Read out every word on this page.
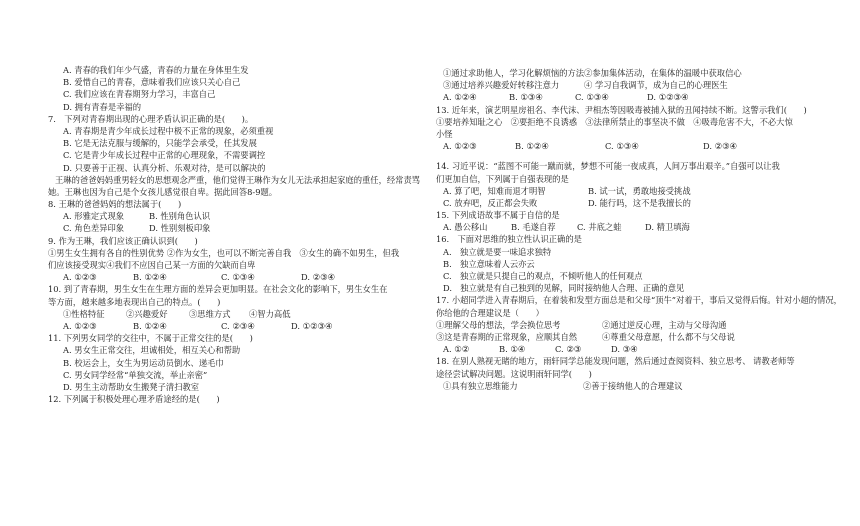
A. 青春的我们年少气盛，青春的力量在身体里生发

B. 爱惜自己的青春，意味着我们应该只关心自己

C. 我们应该在青春期努力学习，丰富自己

D. 拥有青春是幸福的

7.　下列对青春期出现的心理矛盾认识正确的是(　　)。

A. 青春期是青少年成长过程中极不正常的现象，必须重视

B. 它是无法克服与缓解的，只能学会承受，任其发展

C. 它是青少年成长过程中正常的心理现象，不需要调控

D. 只要善于正视、认真分析、乐观对待，是可以解决的

王琳的爸爸妈妈重男轻女的思想观念严重，他们觉得王琳作为女儿无法承担起家庭的重任，经常责骂

她。王琳也因为自己是个女孩儿感觉很自卑。据此回答8-9题。

8. 王琳的爸爸妈妈的想法属于(　　)

A. 形雅定式现象	B. 性别角色认识
C. 角色差异印象	D. 性别刻板印象

9. 作为王琳，我们应该正确认识到(　　)

①男生女生拥有各自的性别优势 ②作为女生，也可以不断完善自我　③女生的确不如男生，但我

们应该接受现实④我们不应因自己某一方面的欠缺而自卑

A. ①②③	B. ①②④	C. ①③④	D. ②③④

10. 到了青春期，男生女生在生理方面的差异会更加明显。在社会文化的影响下，男生女生在

等方面，越来越多地表现出自己的特点。(　　)

①性格特征	②兴趣爱好	③思维方式	④智力高低
A. ①②③	B. ①②④	C. ②③④	D. ①②③④

11. 下列男女同学的交往中，不属于正常交往的是(　　)

A. 男女生正常交往，坦诚相处，相互关心和帮助

B. 校运会上，女生为男运动员倒水、递毛巾

C. 男女同学经常“单独交流，举止亲密”

D. 男生主动帮助女生搬凳子清扫教室

12. 下列属于积极处理心理矛盾途经的是(　　)

①通过求助他人，学习化解烦恼的方法②参加集体活动，在集体的温暖中获取信心

③通过培养兴趣爱好转移注意力　　　④ 学习自我调节，成为自己的心理医生

A. ①②④	B. ①③④	C. ①③④	D. ①②③④

13. 近年来，演艺明星房祖名、李代沫、尹相杰等因吸毒被捕入狱的丑闻持续不断。这警示我们(　　)

①要培养知耻之心　②要拒绝不良诱惑　③法律所禁止的事坚决不做　④吸毒危害不大，不必大惊

小怪

A. ①②③	B. ①②④	C. ①③④	D. ②③④

14. 习近平说：“蓝图不可能一蹴而就，梦想不可能一夜成真，人间万事出艰辛。”自强可以让我

们更加自信，下列属于自强表现的是

A. 算了吧，知难而退才明智	B. 试一试，勇敢地接受挑战
C. 放弃吧，反正都会失败	D. 能行吗，这不是我擅长的

15. 下列成语故事不属于自信的是

A. 愚公移山	B. 毛遂自荐	C. 井底之蛙	D. 精卫填海

16.　下面对思维的独立性认识正确的是

A.　独立就是要一味追求独特

B.　独立意味着人云亦云

C.　独立就是只提自己的观点，不倾听他人的任何观点

D.　独立就是有自己独到的见解，同时接纳他人合理、正确的意见

17. 小超同学进入青春期后，在着装和发型方面总是和父母“顶牛”对着干，事后又觉得后悔。针对小超的情况，

你给他的合理建议是（　　）

①理解父母的想法，学会换位思考	②通过逆反心理，主动与父母沟通
③这是青春期的正常现象，应顺其自然	④尊重父母意愿，什么都不与父母说
A. ①②	B. ①④	C. ②③	D. ③④

18. 在别人熟视无睹的地方，雨轩同学总能发现问题，然后通过查阅资料、独立思考、 请教老师等

途径尝试解决问题。这说明雨轩同学(　　)

①具有独立思维能力	②善于接纳他人的合理建议
